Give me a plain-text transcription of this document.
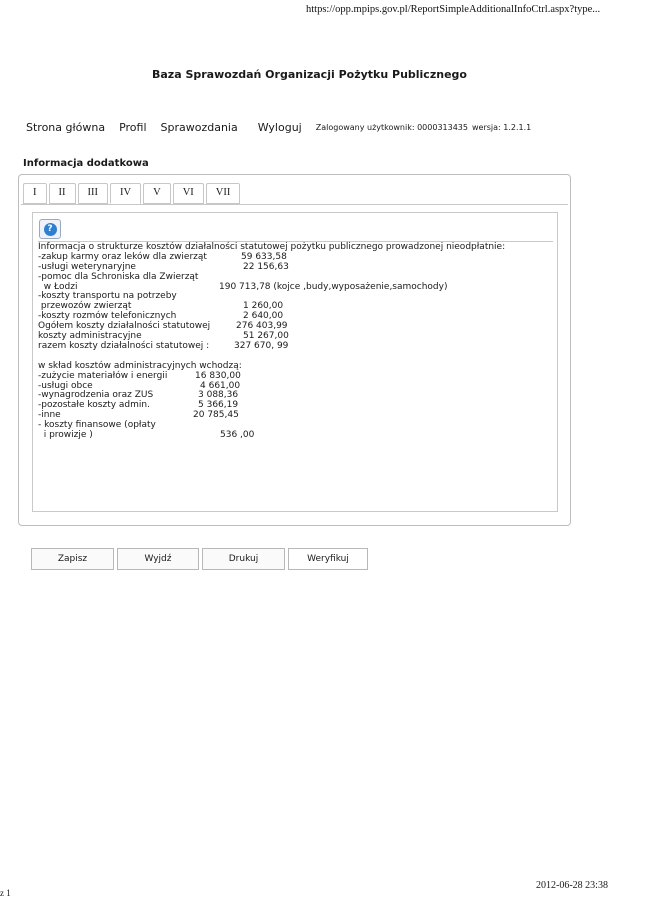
https://opp.mpips.gov.pl/ReportSimpleAdditionalInfoCtrl.aspx?type...
Baza Sprawozdań Organizacji Pożytku Publicznego
Strona główna Profil Sprawozdania Wyloguj Zalogowany użytkownik: 0000313435 wersja: 1.2.1.1
Informacja dodatkowa
I	II	III	IV	V	VI	VII
?
Informacja o strukturze kosztów działalności statutowej pożytku publicznego prowadzonej nieodpłatnie:
-zakup karmy oraz leków dla zwierząt	59 633,58
-usługi weterynaryjne	22 156,63
-pomoc dla Schroniska dla Zwierząt
w Łodzi	190 713,78 (kojce ,budy,wyposażenie,samochody)
-koszty transportu na potrzeby
przewozów zwierząt	1 260,00
-koszty rozmów telefonicznych	2 640,00
Ogółem koszty działalności statutowej	276 403,99
koszty administracyjne	51 267,00
razem koszty działalności statutowej :	327 670, 99
w skład kosztów administracyjnych wchodzą:
-zużycie materiałów i energii	16 830,00
-usługi obce	4 661,00
-wynagrodzenia oraz ZUS	3 088,36
-pozostałe koszty admin.	5 366,19
-inne	20 785,45
- koszty finansowe (opłaty
i prowizje )	536 ,00
Zapisz	Wyjdź	Drukuj	Weryfikuj
z 1
2012-06-28 23:38
